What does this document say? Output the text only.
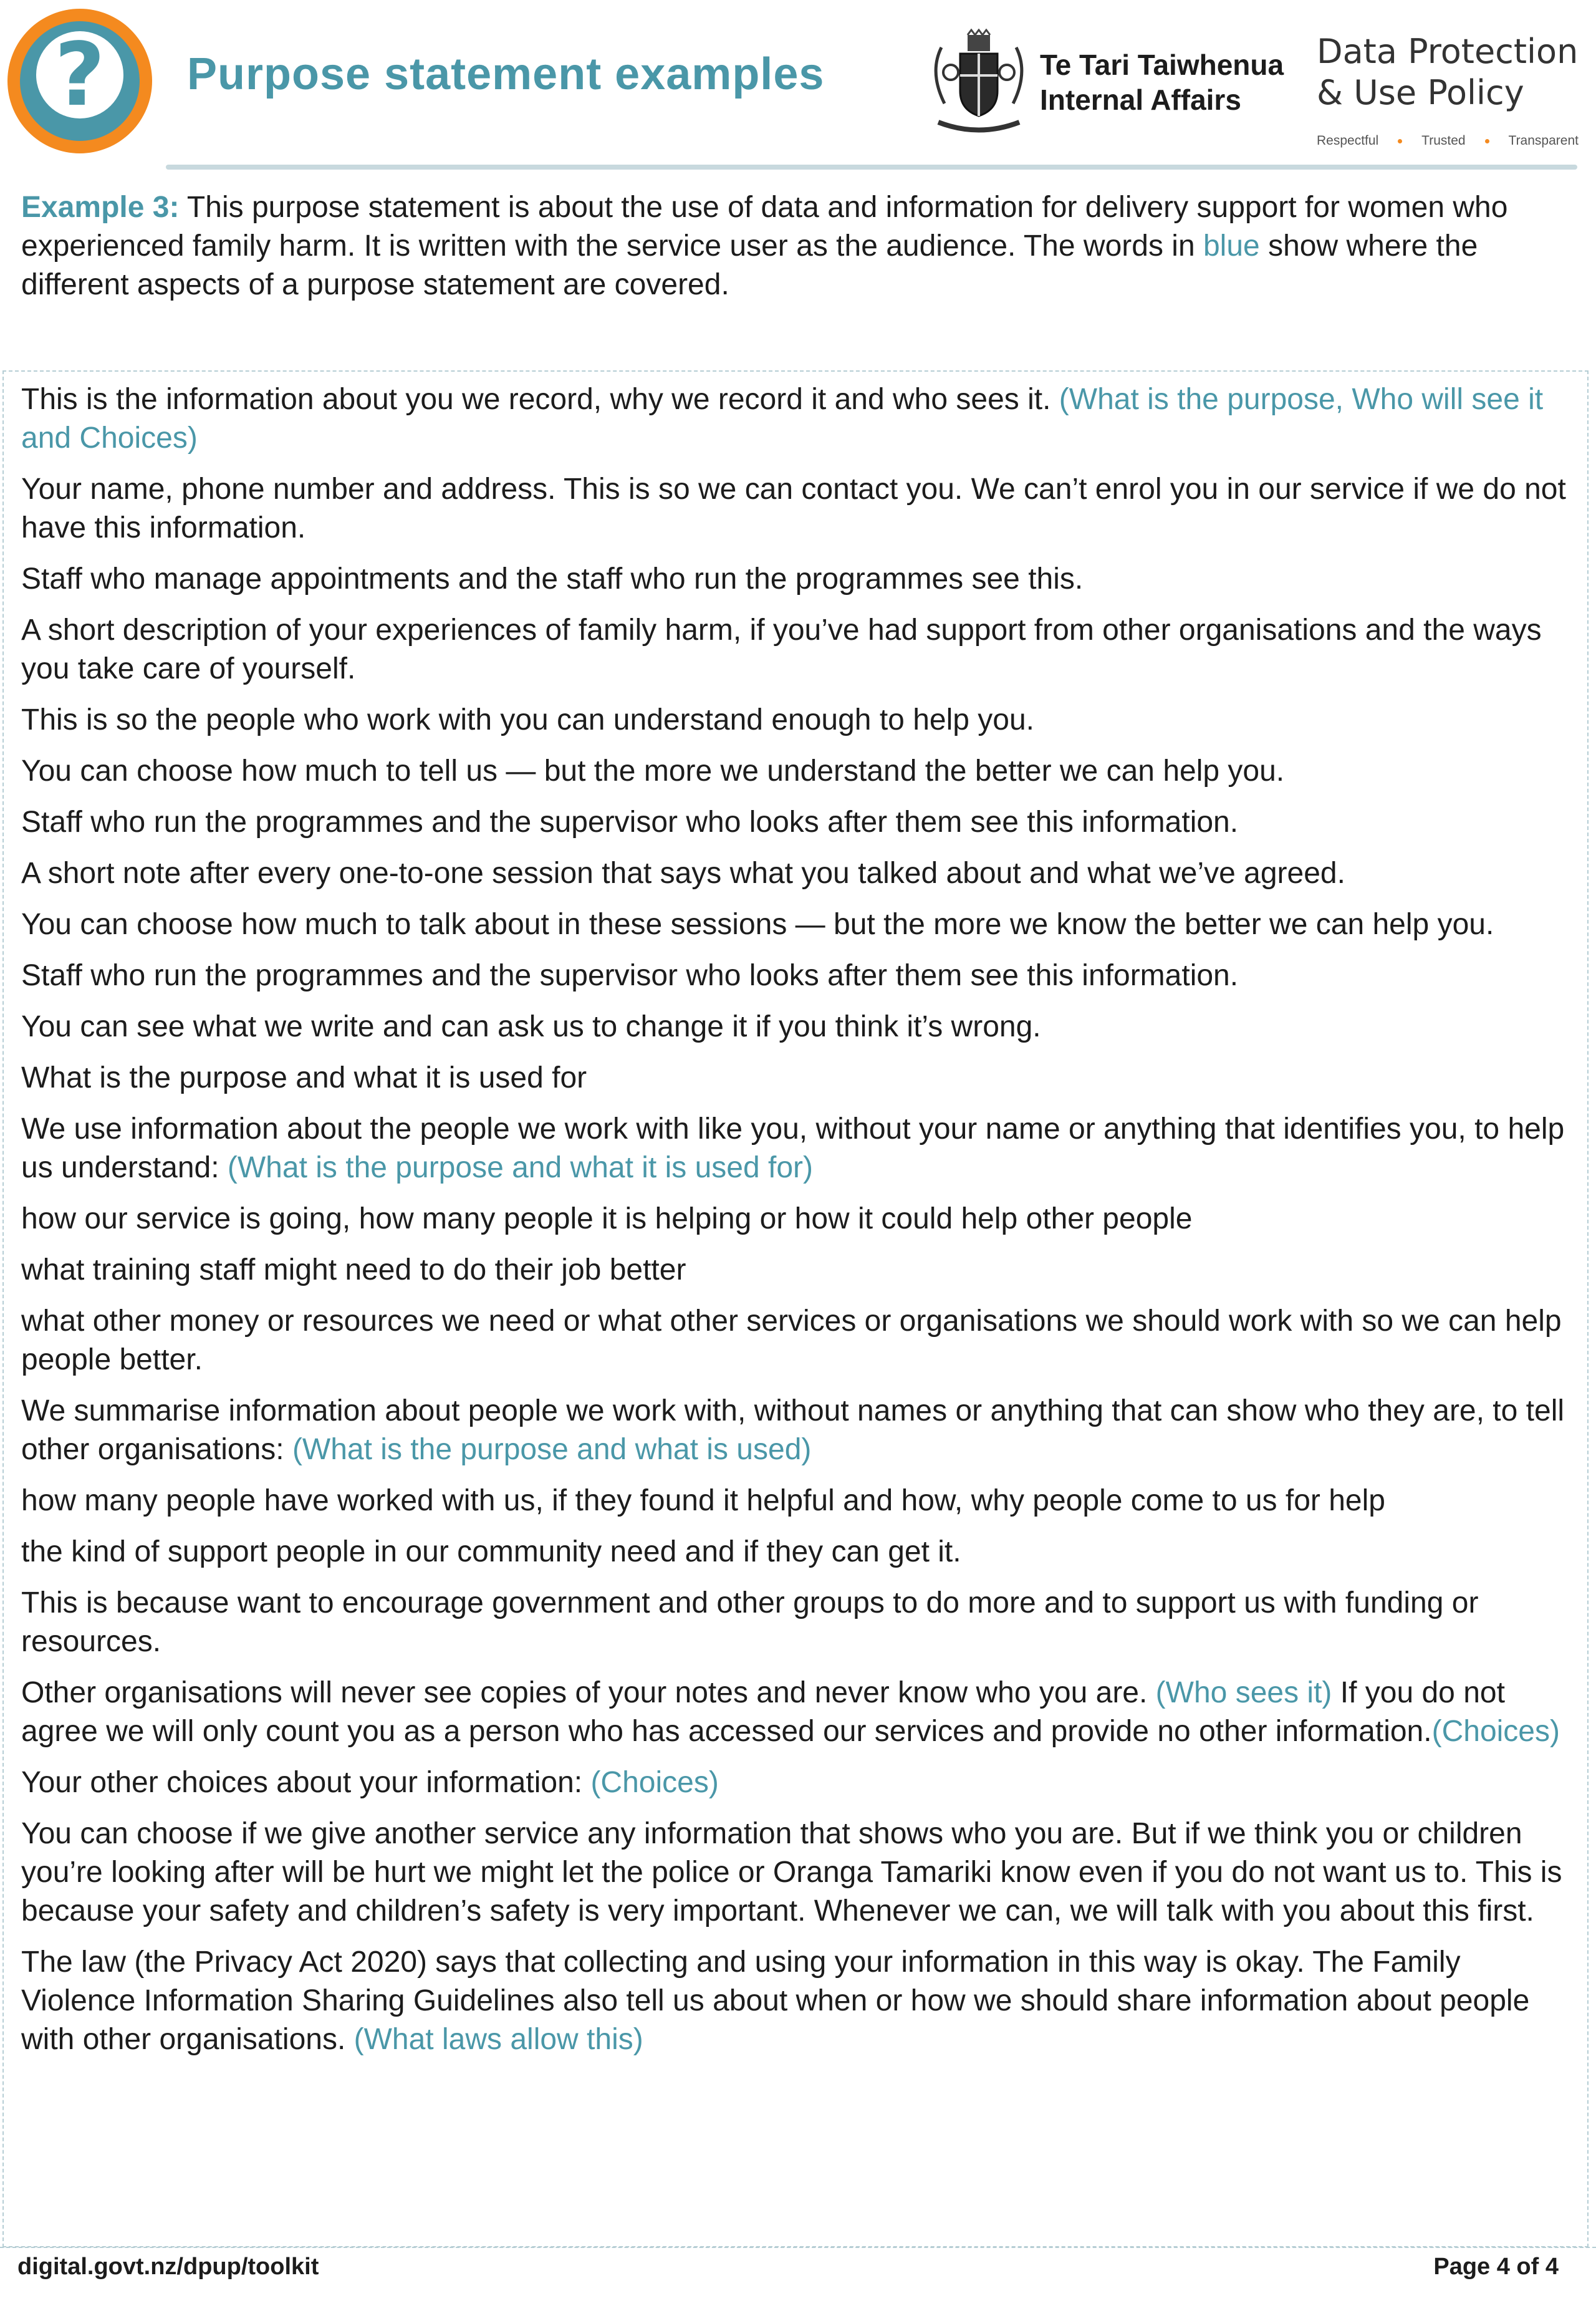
? Purpose statement examples	Te Tari Taiwhenua
Internal Affairs
Data Protection
& Use Policy
Respectful	Trusted	Transparent

Example 3: This purpose statement is about the use of data and information for delivery support for women who experienced family harm. It is written with the service user as the audience. The words in blue show where the different aspects of a purpose statement are covered.

This is the information about you we record, why we record it and who sees it. (What is the purpose, Who will see it and Choices)

• Your name, phone number and address. This is so we can contact you. We can’t enrol you in our service if we do not have this information.
• Staff who manage appointments and the staff who run the programmes see this.
• A short description of your experiences of family harm, if you’ve had support from other organisations and the ways you take care of yourself.
• This is so the people who work with you can understand enough to help you.
• You can choose how much to tell us — but the more we understand the better we can help you.
• Staff who run the programmes and the supervisor who looks after them see this information.
• A short note after every one-to-one session that says what you talked about and what we’ve agreed.
• You can choose how much to talk about in these sessions — but the more we know the better we can help you.
• Staff who run the programmes and the supervisor who looks after them see this information.
• You can see what we write and can ask us to change it if you think it’s wrong.
• What is the purpose and what it is used for

We use information about the people we work with like you, without your name or anything that identifies you, to help us understand: (What is the purpose and what it is used for)

• how our service is going, how many people it is helping or how it could help other people
• what training staff might need to do their job better
• what other money or resources we need or what other services or organisations we should work with so we can help people better.

We summarise information about people we work with, without names or anything that can show who they are, to tell other organisations: (What is the purpose and what is used)

• how many people have worked with us, if they found it helpful and how, why people come to us for help
• the kind of support people in our community need and if they can get it.

This is because want to encourage government and other groups to do more and to support us with funding or resources.

Other organisations will never see copies of your notes and never know who you are. (Who sees it) If you do not agree we will only count you as a person who has accessed our services and provide no other information.(Choices)

Your other choices about your information: (Choices)

• You can choose if we give another service any information that shows who you are. But if we think you or children you’re looking after will be hurt we might let the police or Oranga Tamariki know even if you do not want us to. This is because your safety and children’s safety is very important. Whenever we can, we will talk with you about this first.
• The law (the Privacy Act 2020) says that collecting and using your information in this way is okay. The Family Violence Information Sharing Guidelines also tell us about when or how we should share information about people with other organisations. (What laws allow this)
digital.govt.nz/dpup/toolkit	Page 4 of 4
